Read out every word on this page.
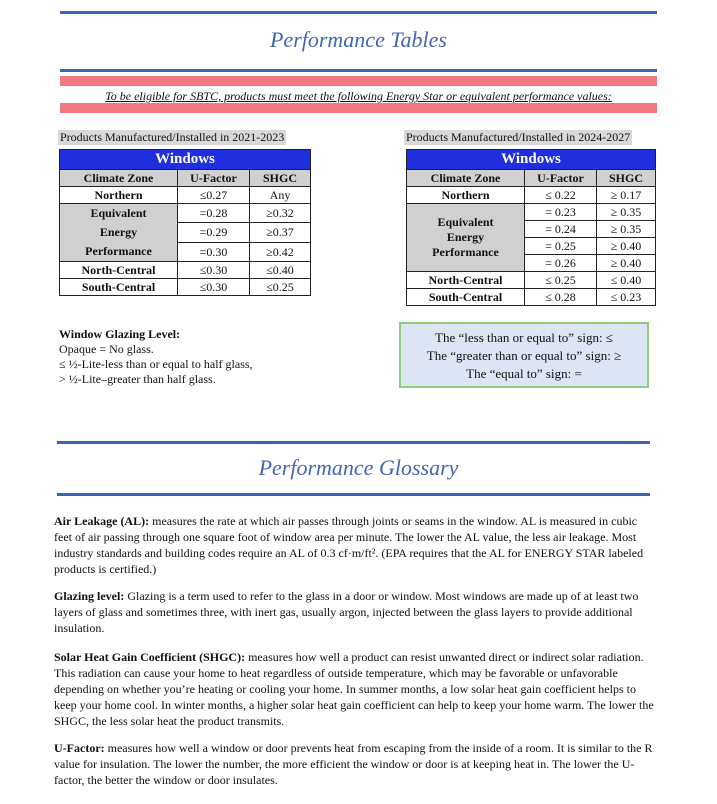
Performance Tables
To be eligible for SBTC, products must meet the following Energy Star or equivalent performance values:
Products Manufactured/Installed in 2021-2023
Windows		
Climate Zone	U-Factor	SHGC
Northern	≤0.27	Any

Equivalent
Energy
Performance	=0.28	≥0.32
	=0.29	≥0.37
	=0.30	≥0.42
North-Central	≤0.30	≤0.40
South-Central	≤0.30	≤0.25
Products Manufactured/Installed in 2024-2027
Windows		
Climate Zone	U-Factor	SHGC
Northern	≤ 0.22	≥ 0.17

Equivalent
Energy
Performance	= 0.23	≥ 0.35
	= 0.24	≥ 0.35
	= 0.25	≥ 0.40
	= 0.26	≥ 0.40
North-Central	≤ 0.25	≤ 0.40
South-Central	≤ 0.28	≤ 0.23
Window Glazing Level:
Opaque = No glass.
≤ ½-Lite-less than or equal to half glass,
> ½-Lite–greater than half glass.
The “less than or equal to” sign: ≤
The “greater than or equal to” sign: ≥
The “equal to” sign: =
Performance Glossary
Air Leakage (AL): measures the rate at which air passes through joints or seams in the window. AL is measured in cubic feet of air passing through one square foot of window area per minute. The lower the AL value, the less air leakage. Most industry standards and building codes require an AL of 0.3 cf·m/ft². (EPA requires that the AL for ENERGY STAR labeled products is certified.)
Glazing level: Glazing is a term used to refer to the glass in a door or window. Most windows are made up of at least two layers of glass and sometimes three, with inert gas, usually argon, injected between the glass layers to provide additional insulation.
Solar Heat Gain Coefficient (SHGC): measures how well a product can resist unwanted direct or indirect solar radiation. This radiation can cause your home to heat regardless of outside temperature, which may be favorable or unfavorable depending on whether you’re heating or cooling your home. In summer months, a low solar heat gain coefficient helps to keep your home cool. In winter months, a higher solar heat gain coefficient can help to keep your home warm. The lower the SHGC, the less solar heat the product transmits.
U-Factor: measures how well a window or door prevents heat from escaping from the inside of a room. It is similar to the R value for insulation. The lower the number, the more efficient the window or door is at keeping heat in. The lower the U-factor, the better the window or door insulates.
